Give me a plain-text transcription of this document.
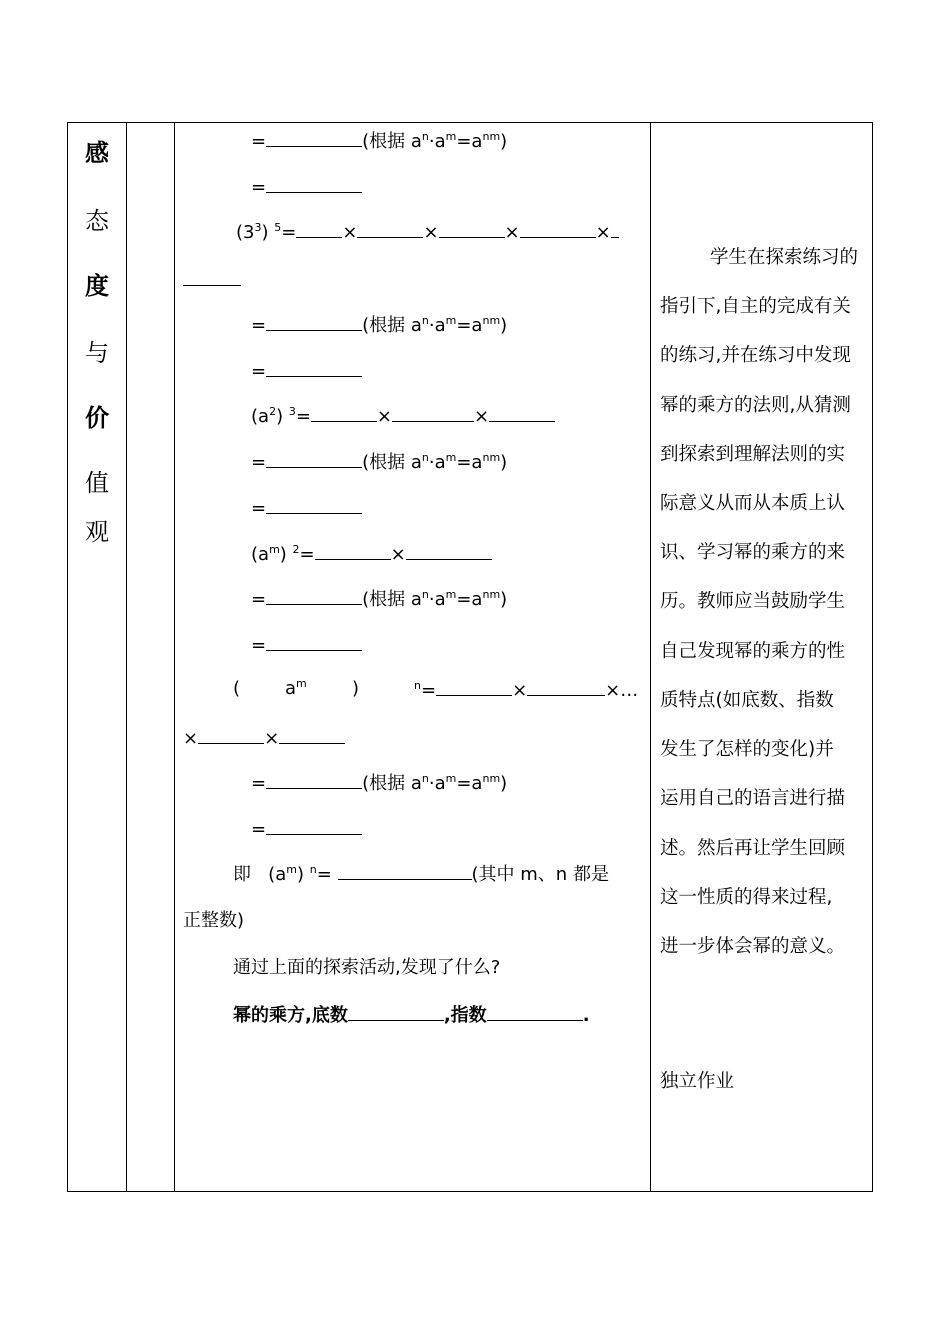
感
态
度
与
价
值
观
=	(根据 $a^n\cdot a^m=a^{nm}$)
=
$(3^3)$ $^5$=	×	×	×	×
=	(根据 $a^n\cdot a^m=a^{nm}$)
=
$(a^2)$ $^3$=	×	×
=	(根据 $a^n\cdot a^m=a^{nm}$)
=
$(a^m)$ $^2$=	×
=	(根据 $a^n\cdot a^m=a^{nm}$)
=
( $a^m$	)	$^n$=	×	×…
×	×
=	(根据 $a^n\cdot a^m=a^{nm}$)
=
即 $(a^m)$ $^n$=	(其中 m、n 都是
正整数)
通过上面的探索活动,发现了什么?
幂的乘方,底数	,指数	.
学生在探索练习的
指引下,自主的完成有关
的练习,并在练习中发现
幂的乘方的法则,从猜测
到探索到理解法则的实
际意义从而从本质上认
识、学习幂的乘方的来
历。教师应当鼓励学生
自己发现幂的乘方的性
质特点(如底数、指数
发生了怎样的变化)并
运用自己的语言进行描
述。然后再让学生回顾
这一性质的得来过程,
进一步体会幂的意义。
独立作业
